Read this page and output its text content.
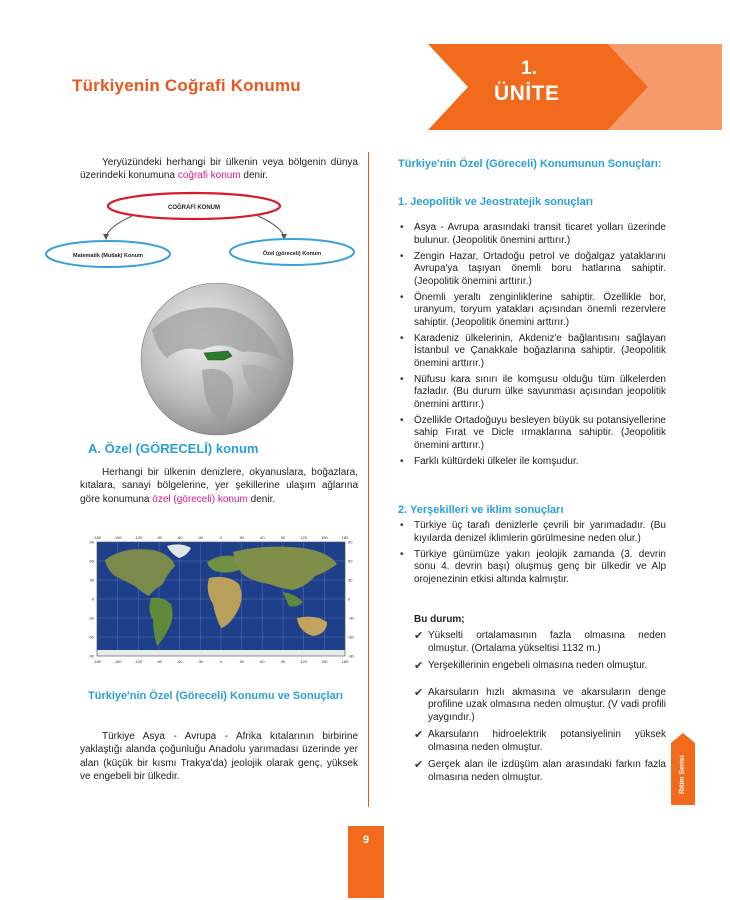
Türkiyenin Coğrafi Konumu
1.
ÜNİTE

Yeryüzündeki herhangi bir ülkenin veya bölgenin dünya üzerindeki konumuna coğrafi konum denir.

COĞRAFİ KONUM
Matematik (Mutlak) Konum	Özel (göreceli) Konum
A. Özel (GÖRECELİ) konum

Herhangi bir ülkenin denizlere, okyanuslara, boğazlara, kıtalara, sanayi bölgelerine, yer şekillerine ulaşım ağlarına göre konumuna özel (göreceli) konum denir.

-180	-150	-120	-90	-60	-30	0	30	60	90	120	150	180
-180	-150	-120	-90	-60	-30	0	30	60	90	120	150	180
90
60
30
0
-30
-60
-90
90
60
30
0
-30
-60
-90
Türkiye'nin Özel (Göreceli) Konumu ve Sonuçları

Türkiye Asya - Avrupa - Afrika kıtalarının birbirine yaklaştığı alanda çoğunluğu Anadolu yarımadası üzerinde yer alan (küçük bir kısmı Trakya'da) jeolojik olarak genç, yüksek ve engebeli bir ülkedir.

Türkiye'nin Özel (Göreceli) Konumunun Sonuçları:
1. Jeopolitik ve Jeostratejik sonuçları
• Asya - Avrupa arasındaki transit ticaret yolları üzerinde bulunur. (Jeopolitik önemini arttırır.)
• Zengin Hazar, Ortadoğu petrol ve doğalgaz yataklarını Avrupa'ya taşıyan önemli boru hatlarına sahiptir. (Jeopolitik önemini arttırır.)
• Önemli yeraltı zenginliklerine sahiptir. Özellikle bor, uranyum, toryum yatakları açısından önemli rezervlere sahiptir. (Jeopolitik önemini arttırır.)
• Karadeniz ülkelerinin, Akdeniz'e bağlantısını sağlayan İstanbul ve Çanakkale boğazlarına sahiptir. (Jeopolitik önemini arttırır.)
• Nüfusu kara sınırı ile komşusu olduğu tüm ülkelerden fazladır. (Bu durum ülke savunması açısından jeopolitik önemini arttırır.)
• Özellikle Ortadoğuyu besleyen büyük su potansiyellerine sahip Fırat ve Dicle ırmaklarına sahiptir. (Jeopolitik önemini arttırır.)
• Farklı kültürdeki ülkeler ile komşudur.
2. Yerşekilleri ve iklim sonuçları
• Türkiye üç tarafı denizlerle çevrili bir yarımadadır. (Bu kıyılarda denizel iklimlerin görülmesine neden olur.)
• Türkiye günümüze yakın jeolojik zamanda (3. devrin sonu 4. devrin başı) oluşmuş genç bir ülkedir ve Alp orojenezinin etkisi altında kalmıştır.
Bu durum;
✔ Yükselti ortalamasının fazla olmasına neden olmuştur. (Ortalama yükseltisi 1132 m.)
✔ Yerşekillerinin engebeli olmasına neden olmuştur.
✔ Akarsuların hızlı akmasına ve akarsuların denge profiline uzak olmasına neden olmuştur. (V vadi profili yaygındır.)
✔ Akarsuların hidroelektrik potansiyelinin yüksek olmasına neden olmuştur.
✔ Gerçek alan ile izdüşüm alan arasındaki farkın fazla olmasına neden olmuştur.	Ritim Serisi
9
